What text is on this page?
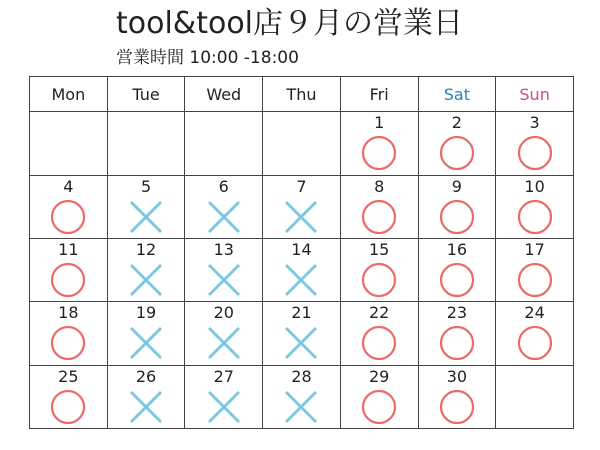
tool&tool店９月の営業日
営業時間 10:00 -18:00
Mon	Tue	Wed	Thu	Fri	Sat	Sun

				1	2	3

4	5	6	7	8	9	10

11	12	13	14	15	16	17

18	19	20	21	22	23	24

25	26	27	28	29	30	
